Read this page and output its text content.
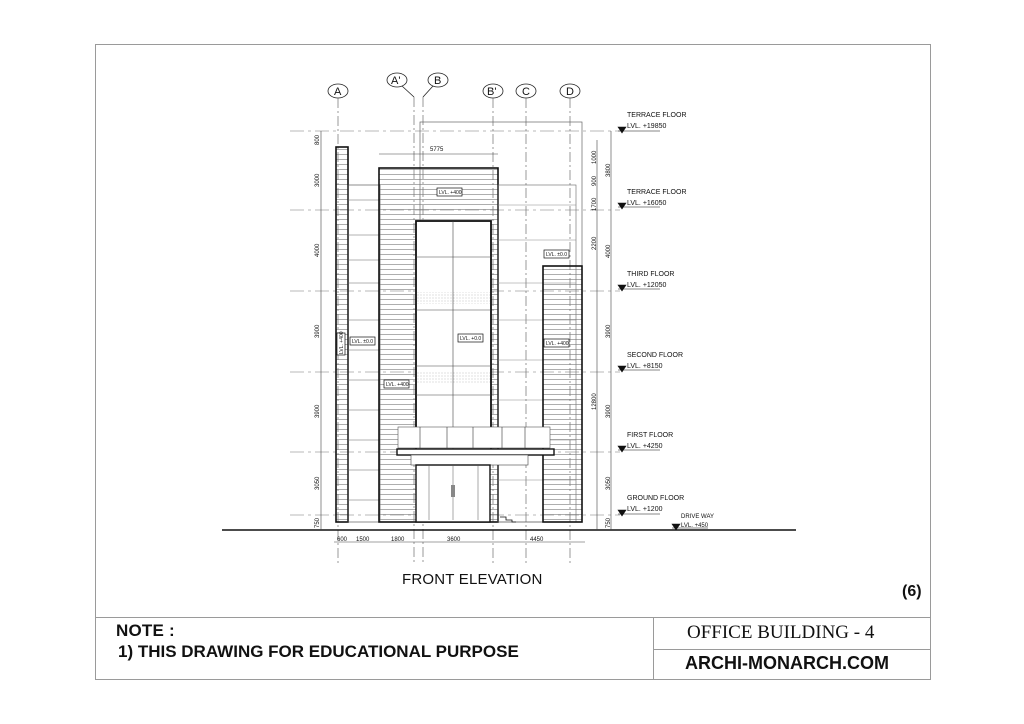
A
A'	B
B' C	D
LVL. +400
LVL. ±0.0
LVL. ±0.0
LVL. +400
LVL. +0.0
LVL. +400
LVL. +400
5775
800
3000
4000
3900
3900
3050
750
1000
900
1700
2200
12800
3800
4000
3900
3900
3050
750
TERRACE FLOOR
LVL. +19850
TERRACE FLOOR
LVL. +16050
THIRD FLOOR
LVL. +12050
SECOND FLOOR
LVL. +8150
FIRST FLOOR
LVL. +4250
GROUND FLOOR
LVL. +1200
DRIVE WAY
LVL. +450
600 1500	1800	3600	4450
FRONT ELEVATION
(6)
NOTE :
1) THIS DRAWING FOR EDUCATIONAL PURPOSE
OFFICE BUILDING - 4
ARCHI-MONARCH.COM
